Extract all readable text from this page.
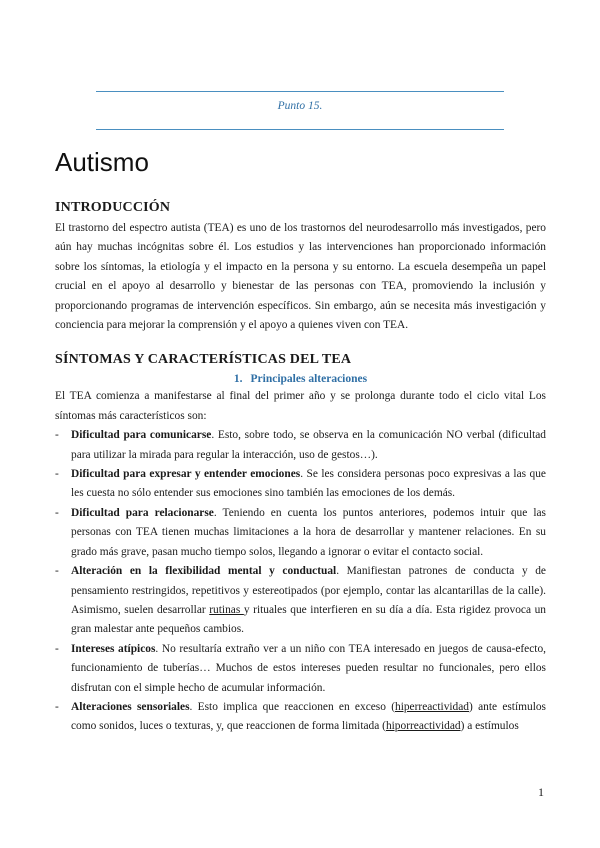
Punto 15.
Autismo
INTRODUCCIÓN

El trastorno del espectro autista (TEA) es uno de los trastornos del neurodesarrollo más investigados, pero aún hay muchas incógnitas sobre él. Los estudios y las intervenciones han proporcionado información sobre los síntomas, la etiología y el impacto en la persona y su entorno. La escuela desempeña un papel crucial en el apoyo al desarrollo y bienestar de las personas con TEA, promoviendo la inclusión y proporcionando programas de intervención específicos. Sin embargo, aún se necesita más investigación y conciencia para mejorar la comprensión y el apoyo a quienes viven con TEA.

SÍNTOMAS Y CARACTERÍSTICAS DEL TEA
1. Principales alteraciones

El TEA comienza a manifestarse al final del primer año y se prolonga durante todo el ciclo vital Los síntomas más característicos son:

- Dificultad para comunicarse. Esto, sobre todo, se observa en la comunicación NO verbal (dificultad para utilizar la mirada para regular la interacción, uso de gestos…).
- Dificultad para expresar y entender emociones. Se les considera personas poco expresivas a las que les cuesta no sólo entender sus emociones sino también las emociones de los demás.
- Dificultad para relacionarse. Teniendo en cuenta los puntos anteriores, podemos intuir que las personas con TEA tienen muchas limitaciones a la hora de desarrollar y mantener relaciones. En su grado más grave, pasan mucho tiempo solos, llegando a ignorar o evitar el contacto social.
- Alteración en la flexibilidad mental y conductual. Manifiestan patrones de conducta y de pensamiento restringidos, repetitivos y estereotipados (por ejemplo, contar las alcantarillas de la calle). Asimismo, suelen desarrollar rutinas y rituales que interfieren en su día a día. Esta rigidez provoca un gran malestar ante pequeños cambios.
- Intereses atípicos. No resultaría extraño ver a un niño con TEA interesado en juegos de causa-efecto, funcionamiento de tuberías… Muchos de estos intereses pueden resultar no funcionales, pero ellos disfrutan con el simple hecho de acumular información.
- Alteraciones sensoriales. Esto implica que reaccionen en exceso (hiperreactividad) ante estímulos como sonidos, luces o texturas, y, que reaccionen de forma limitada (hiporreactividad) a estímulos
1
